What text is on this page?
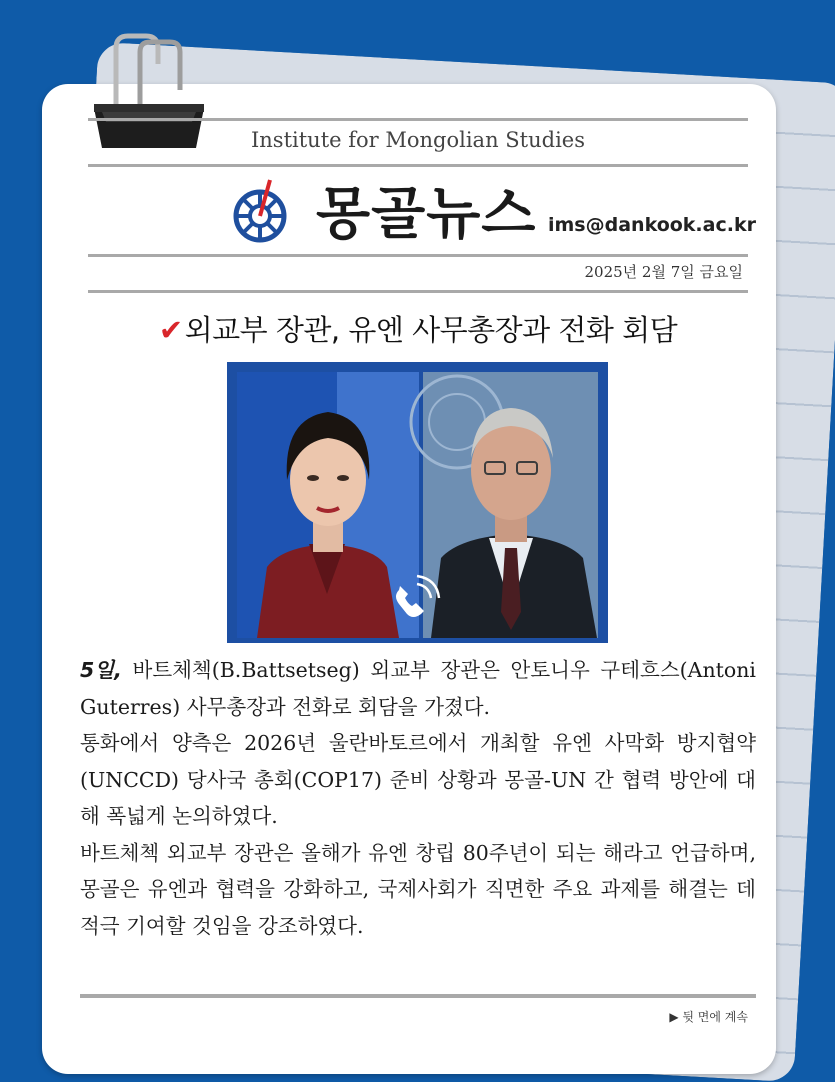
Institute for Mongolian Studies
몽골뉴스 ims@dankook.ac.kr
2025년 2월 7일 금요일
✔외교부 장관, 유엔 사무총장과 전화 회담

5일, 바트체첵(B.Battsetseg) 외교부 장관은 안토니우 구테흐스(Antoni Guterres) 사무총장과 전화로 회담을 가졌다.

통화에서 양측은 2026년 울란바토르에서 개최할 유엔 사막화 방지협약(UNCCD) 당사국 총회(COP17) 준비 상황과 몽골-UN 간 협력 방안에 대해 폭넓게 논의하였다.

바트체첵 외교부 장관은 올해가 유엔 창립 80주년이 되는 해라고 언급하며, 몽골은 유엔과 협력을 강화하고, 국제사회가 직면한 주요 과제를 해결는 데 적극 기여할 것임을 강조하였다.

▶ 뒷 면에 계속
